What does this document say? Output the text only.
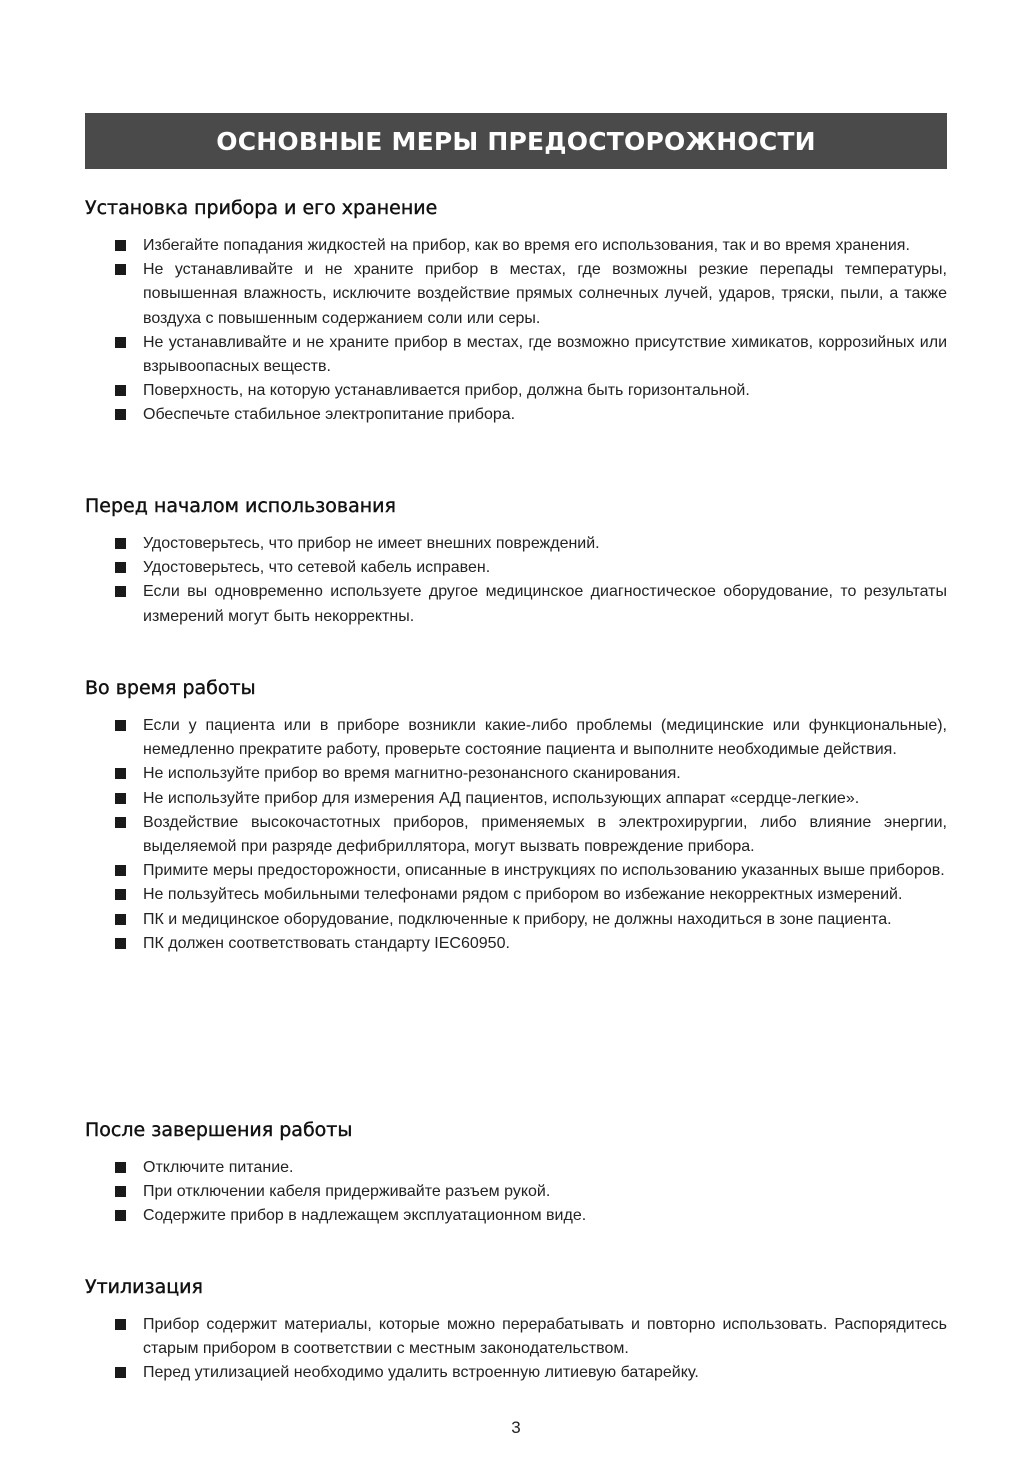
ОСНОВНЫЕ МЕРЫ ПРЕДОСТОРОЖНОСТИ
Установка прибора и его хранение
Избегайте попадания жидкостей на прибор, как во время его использования, так и во время хранения.
Не устанавливайте и не храните прибор в местах, где возможны резкие перепады температуры, повышенная влажность, исключите воздействие прямых солнечных лучей, ударов, тряски, пыли, а также воздуха с повышенным содержанием соли или серы.
Не устанавливайте и не храните прибор в местах, где возможно присутствие химикатов, коррозийных или взрывоопасных веществ.
Поверхность, на которую устанавливается прибор, должна быть горизонтальной.
Обеспечьте стабильное электропитание прибора.
Перед началом использования
Удостоверьтесь, что прибор не имеет внешних повреждений.
Удостоверьтесь, что сетевой кабель исправен.
Если вы одновременно используете другое медицинское диагностическое оборудование, то результаты измерений могут быть некорректны.
Во время работы
Если у пациента или в приборе возникли какие-либо проблемы (медицинские или функциональные), немедленно прекратите работу, проверьте состояние пациента и выполните необходимые действия.
Не используйте прибор во время магнитно-резонансного сканирования.
Не используйте прибор для измерения АД пациентов, использующих аппарат «сердце-легкие».
Воздействие высокочастотных приборов, применяемых в электрохирургии, либо влияние энергии, выделяемой при разряде дефибриллятора, могут вызвать повреждение прибора.
Примите меры предосторожности, описанные в инструкциях по использованию указанных выше приборов.
Не пользуйтесь мобильными телефонами рядом с прибором во избежание некорректных измерений.
ПК и медицинское оборудование, подключенные к прибору, не должны находиться в зоне пациента.
ПК должен соответствовать стандарту IEC60950.
После завершения работы
Отключите питание.
При отключении кабеля придерживайте разъем рукой.
Содержите прибор в надлежащем эксплуатационном виде.
Утилизация
Прибор содержит материалы, которые можно перерабатывать и повторно использовать. Распорядитесь старым прибором в соответствии с местным законодательством.
Перед утилизацией необходимо удалить встроенную литиевую батарейку.
3
